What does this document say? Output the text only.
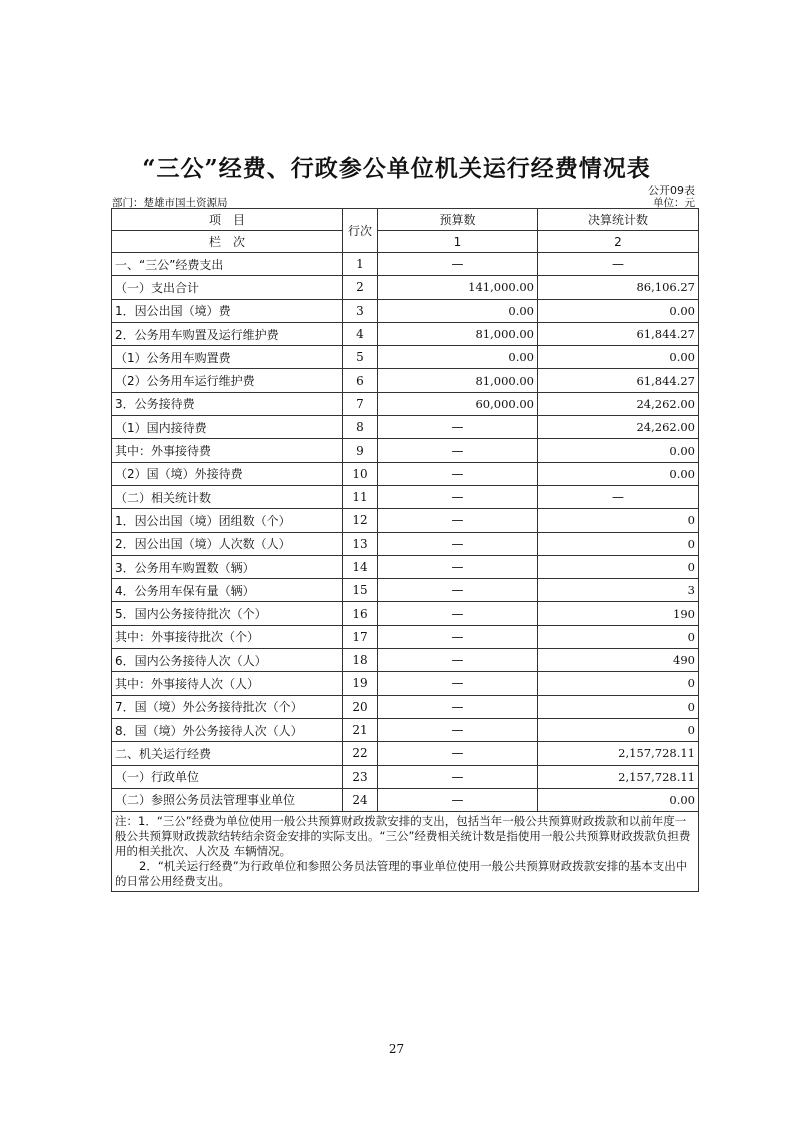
“三公”经费、行政参公单位机关运行经费情况表
公开09表
部门：楚雄市国土资源局	单位：元
项　目	行次	预算数	决算统计数
栏　次		1	2
一、“三公”经费支出	1	—	—
（一）支出合计	2	141,000.00	86,106.27
1．因公出国（境）费	3	0.00	0.00
2．公务用车购置及运行维护费	4	81,000.00	61,844.27
（1）公务用车购置费	5	0.00	0.00
（2）公务用车运行维护费	6	81,000.00	61,844.27
3．公务接待费	7	60,000.00	24,262.00
（1）国内接待费	8	—	24,262.00
其中：外事接待费	9	—	0.00
（2）国（境）外接待费	10	—	0.00
（二）相关统计数	11	—	—
1．因公出国（境）团组数（个）	12	—	0
2．因公出国（境）人次数（人）	13	—	0
3．公务用车购置数（辆）	14	—	0
4．公务用车保有量（辆）	15	—	3
5．国内公务接待批次（个）	16	—	190
其中：外事接待批次（个）	17	—	0
6．国内公务接待人次（人）	18	—	490
其中：外事接待人次（人）	19	—	0
7．国（境）外公务接待批次（个）	20	—	0
8．国（境）外公务接待人次（人）	21	—	0
二、机关运行经费	22	—	2,157,728.11
（一）行政单位	23	—	2,157,728.11
（二）参照公务员法管理事业单位	24	—	0.00

注：1．“三公”经费为单位使用一般公共预算财政拨款安排的支出，包括当年一般公共预算财政拨款和以前年度一般公共预算财政拨款结转结余资金安排的实际支出。“三公”经费相关统计数是指使用一般公共预算财政拨款负担费用的相关批次、人次及 车辆情况。
2．“机关运行经费”为行政单位和参照公务员法管理的事业单位使用一般公共预算财政拨款安排的基本支出中的日常公用经费支出。			
27
